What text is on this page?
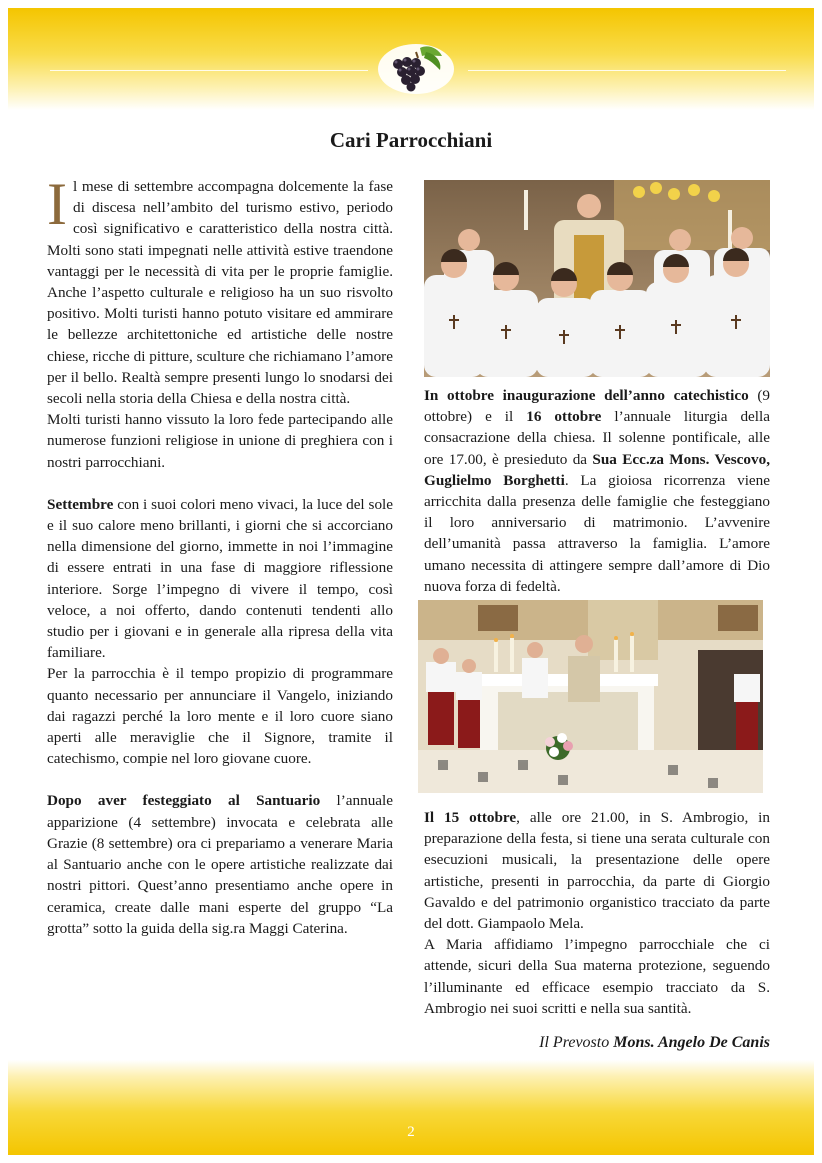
Cari Parrocchiani

Il mese di settembre accompagna dolcemente la fase di discesa nell’ambito del turismo estivo, periodo così significativo e caratteristico della nostra città. Molti sono stati impegnati nelle attività estive traendone vantaggi per le necessità di vita per le proprie famiglie. Anche l’aspetto culturale e religioso ha un suo risvolto positivo. Molti turisti hanno potuto visitare ed ammirare le bellezze architettoniche ed artistiche delle nostre chiese, ricche di pitture, sculture che richiamano l’amore per il bello. Realtà sempre presenti lungo lo snodarsi dei secoli nella storia della Chiesa e della nostra città.

Molti turisti hanno vissuto la loro fede partecipando alle numerose funzioni religiose in unione di preghiera con i nostri parrocchiani.

Settembre con i suoi colori meno vivaci, la luce del sole e il suo calore meno brillanti, i giorni che si accorciano nella dimensione del giorno, immette in noi l’immagine di essere entrati in una fase di maggiore riflessione interiore. Sorge l’impegno di vivere il tempo, così veloce, a noi offerto, dando contenuti tendenti allo studio per i giovani e in generale alla ripresa della vita familiare.

Per la parrocchia è il tempo propizio di programmare quanto necessario per annunciare il Vangelo, iniziando dai ragazzi perché la loro mente e il loro cuore siano aperti alle meraviglie che il Signore, tramite il catechismo, compie nel loro giovane cuore.

Dopo aver festeggiato al Santuario l’annuale apparizione (4 settembre) invocata e celebrata alle Grazie (8 settembre) ora ci prepariamo a venerare Maria al Santuario anche con le opere artistiche realizzate dai nostri pittori. Quest’anno presentiamo anche opere in ceramica, create dalle mani esperte del gruppo “La grotta” sotto la guida della sig.ra Maggi Caterina.

In ottobre inaugurazione dell’anno catechistico (9 ottobre) e il 16 ottobre l’annuale liturgia della consacrazione della chiesa. Il solenne pontificale, alle ore 17.00, è presieduto da Sua Ecc.za Mons. Vescovo, Guglielmo Borghetti. La gioiosa ricorrenza viene arricchita dalla presenza delle famiglie che festeggiano il loro anniversario di matrimonio. L’avvenire dell’umanità passa attraverso la famiglia. L’amore umano necessita di attingere sempre dall’amore di Dio nuova forza di fedeltà.

Il 15 ottobre, alle ore 21.00, in S. Ambrogio, in preparazione della festa, si tiene una serata culturale con esecuzioni musicali, la presentazione delle opere artistiche, presenti in parrocchia, da parte di Giorgio Gavaldo e del patrimonio organistico tracciato da parte del dott. Giampaolo Mela.

A Maria affidiamo l’impegno parrocchiale che ci attende, sicuri della Sua materna protezione, seguendo l’illuminante ed efficace esempio tracciato da S. Ambrogio nei suoi scritti e nella sua santità.

Il Prevosto Mons. Angelo De Canis
2
